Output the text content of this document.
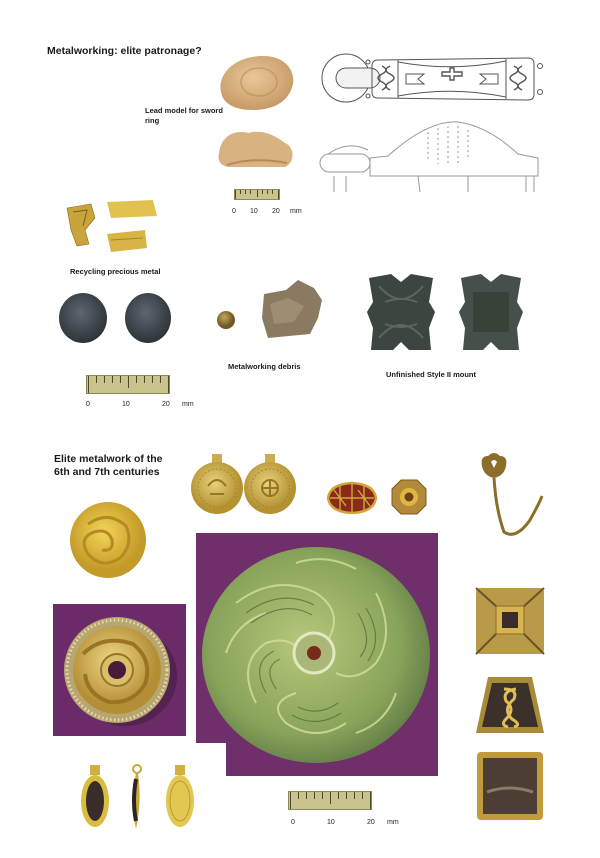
Metalworking: elite patronage?
Lead model for sword ring
0 10 20 mm
Recycling precious metal
Metalworking debris
Unfinished Style II mount
0	10	20 mm
Elite metalwork of the
6th and 7th centuries
0	10	20 mm
